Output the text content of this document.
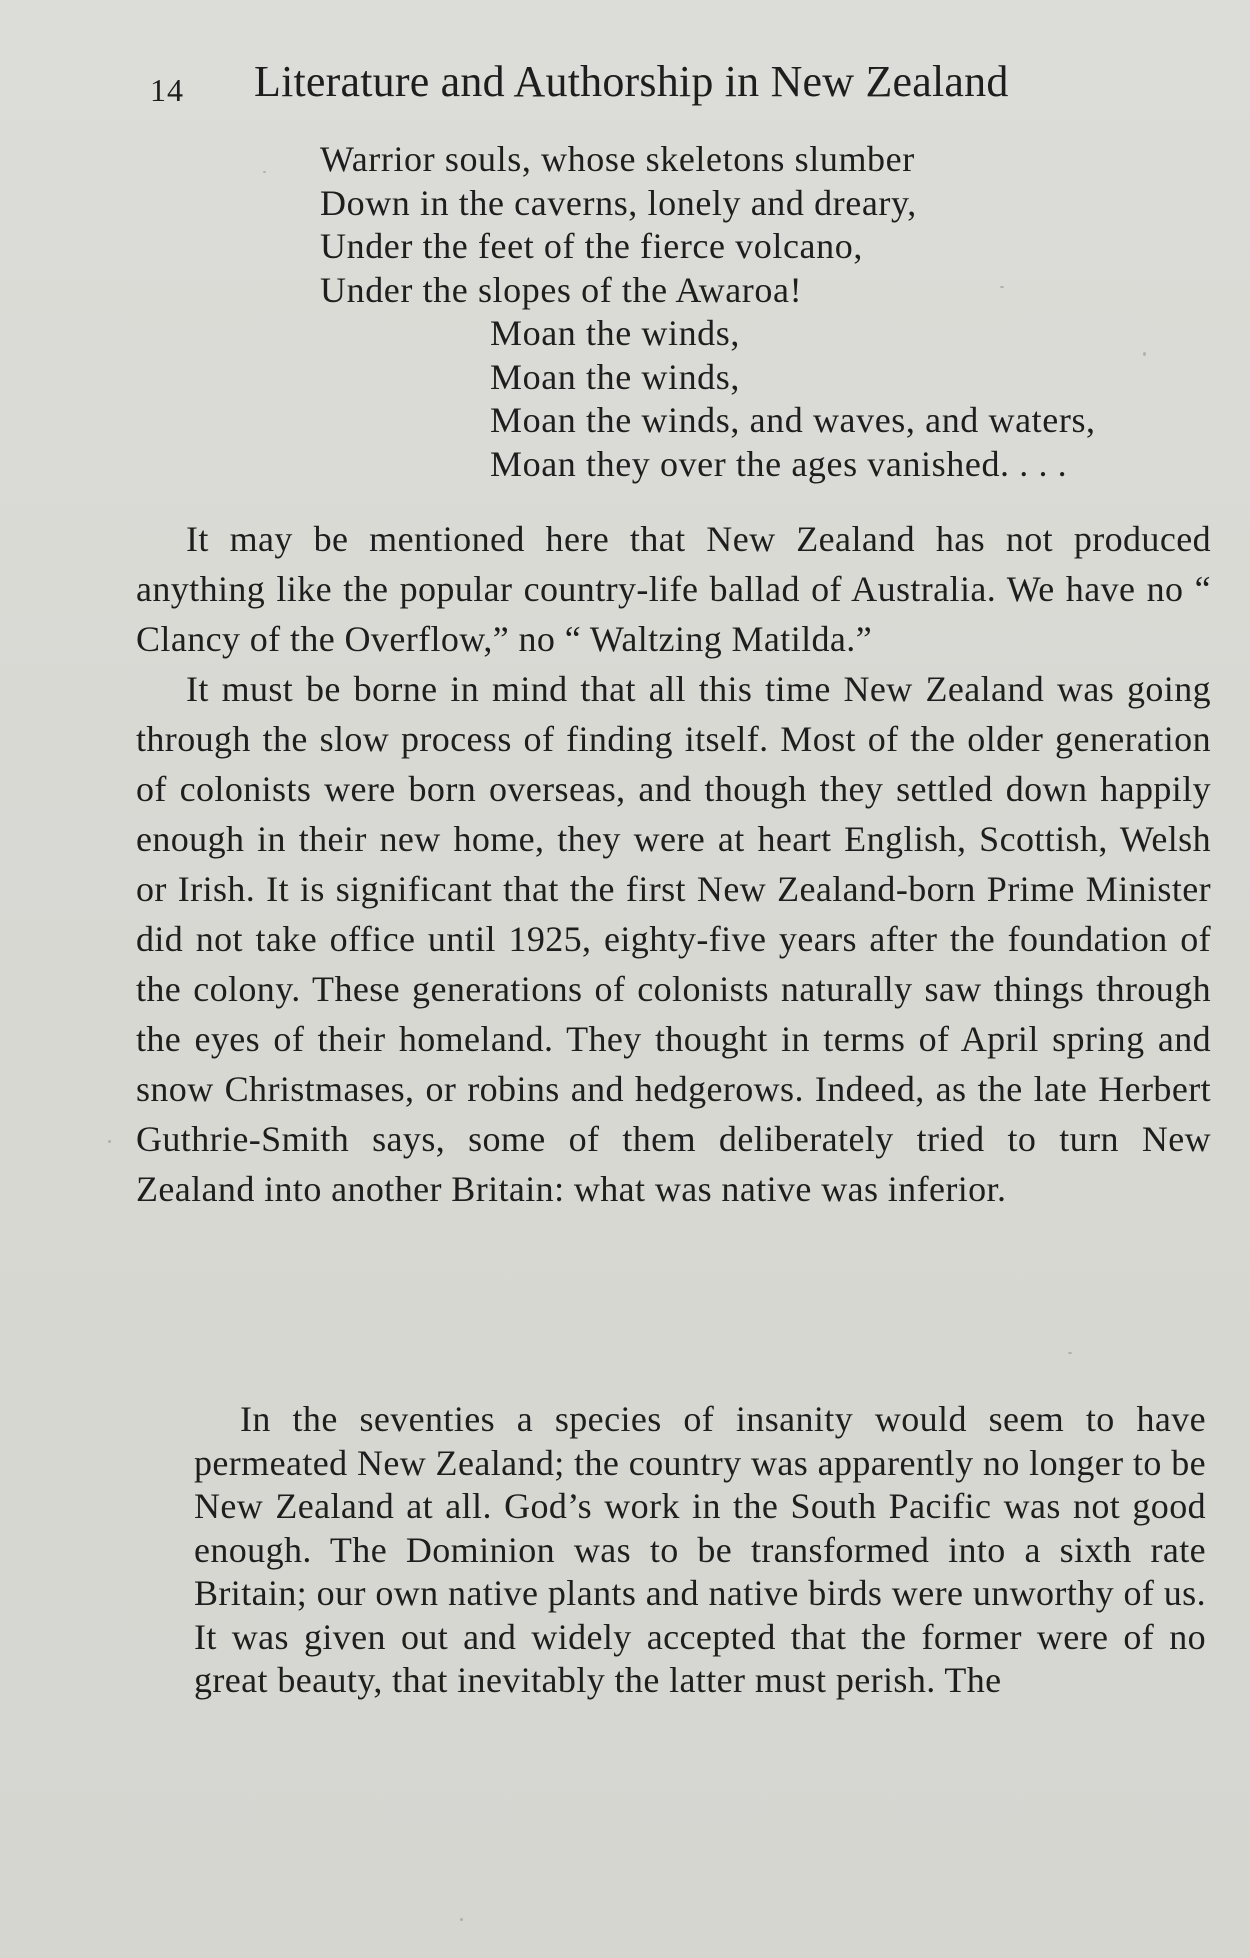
14 Literature and Authorship in New Zealand
Warrior souls, whose skeletons slumber
Down in the caverns, lonely and dreary,
Under the feet of the fierce volcano,
Under the slopes of the Awaroa!
Moan the winds,
Moan the winds,
Moan the winds, and waves, and waters,
Moan they over the ages vanished. . . .

It may be mentioned here that New Zealand has not produced anything like the popular country-life ballad of Australia. We have no “ Clancy of the Overflow,” no “ Waltzing Matilda.”

It must be borne in mind that all this time New Zealand was going through the slow process of finding itself. Most of the older generation of colonists were born overseas, and though they settled down happily enough in their new home, they were at heart English, Scottish, Welsh or Irish. It is significant that the first New Zealand-born Prime Minister did not take office until 1925, eighty-five years after the foundation of the colony. These generations of colonists naturally saw things through the eyes of their homeland. They thought in terms of April spring and snow Christmases, or robins and hedgerows. Indeed, as the late Herbert Guthrie-Smith says, some of them deliberately tried to turn New Zealand into another Britain: what was native was inferior.

In the seventies a species of insanity would seem to have permeated New Zealand; the country was apparently no longer to be New Zealand at all. God’s work in the South Pacific was not good enough. The Dominion was to be transformed into a sixth rate Britain; our own native plants and native birds were unworthy of us. It was given out and widely accepted that the former were of no great beauty, that inevitably the latter must perish. The
